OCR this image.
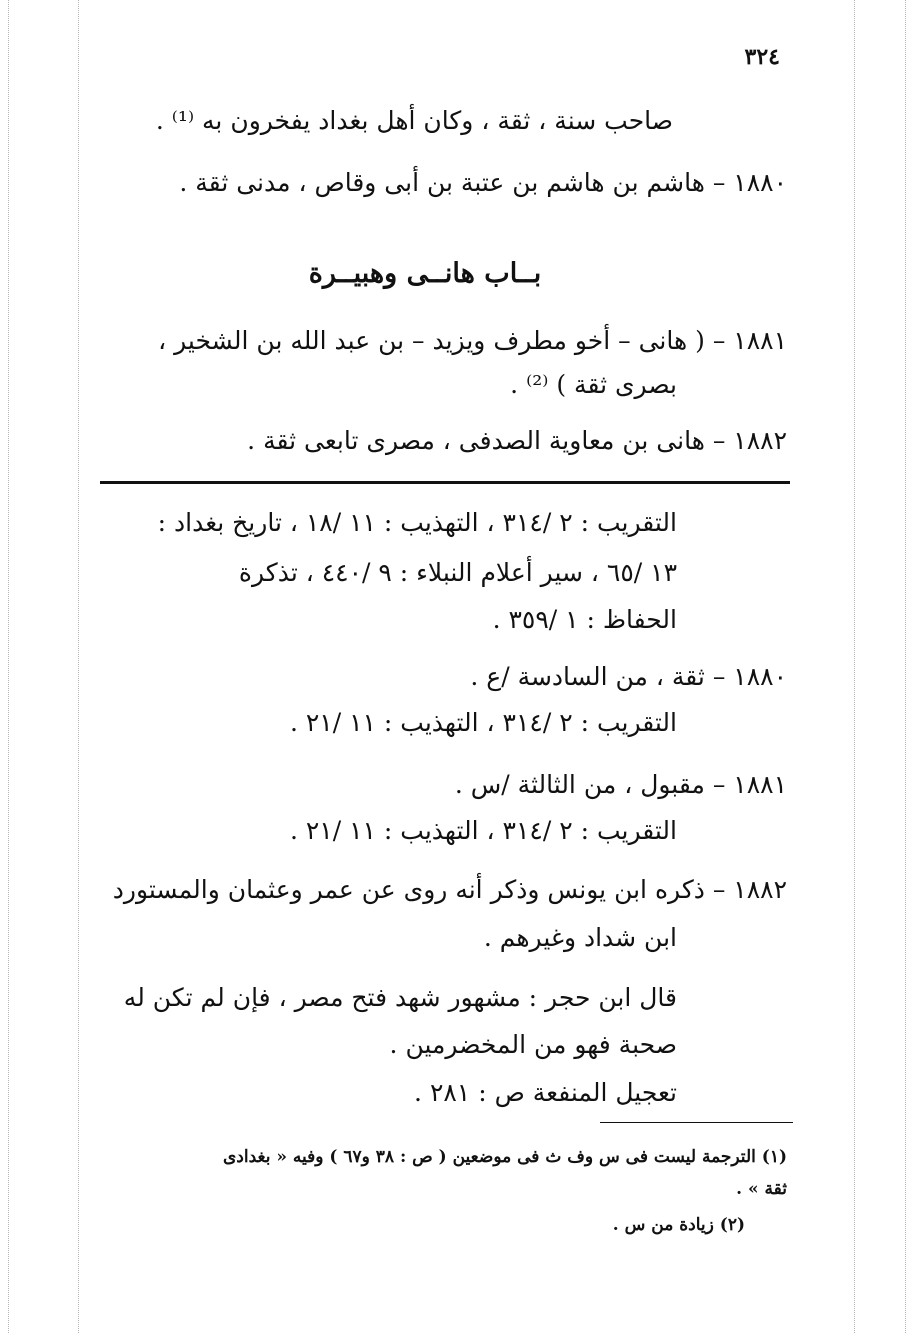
٣٢٤
صاحب سنة ، ثقة ، وكان أهل بغداد يفخرون به ⁽¹⁾ .
١٨٨٠ – هاشم بن هاشم بن عتبة بن أبى وقاص ، مدنى ثقة .
بــاب هانــى وهبيــرة
١٨٨١ – ( هانى – أخو مطرف ويزيد – بن عبد الله بن الشخير ،
بصرى ثقة ) ⁽²⁾ .
١٨٨٢ – هانى بن معاوية الصدفى ، مصرى تابعى ثقة .
التقريب : ٢ /٣١٤ ، التهذيب : ١١ /١٨ ، تاريخ بغداد :
١٣ /٦٥ ، سير أعلام النبلاء : ٩ /٤٤٠ ، تذكرة
الحفاظ : ١ /٣٥٩ .
١٨٨٠ – ثقة ، من السادسة /ع .
التقريب : ٢ /٣١٤ ، التهذيب : ١١ /٢١ .
١٨٨١ – مقبول ، من الثالثة /س .
التقريب : ٢ /٣١٤ ، التهذيب : ١١ /٢١ .
١٨٨٢ – ذكره ابن يونس وذكر أنه روى عن عمر وعثمان والمستورد
ابن شداد وغيرهم .
قال ابن حجر : مشهور شهد فتح مصر ، فإن لم تكن له
صحبة فهو من المخضرمين .
تعجيل المنفعة ص : ٢٨١ .
(١) الترجمة ليست فى س وف ث فى موضعين ( ص : ٣٨ و٦٧ ) وفيه « بغدادى
ثقة » .
(٢) زيادة من س .
